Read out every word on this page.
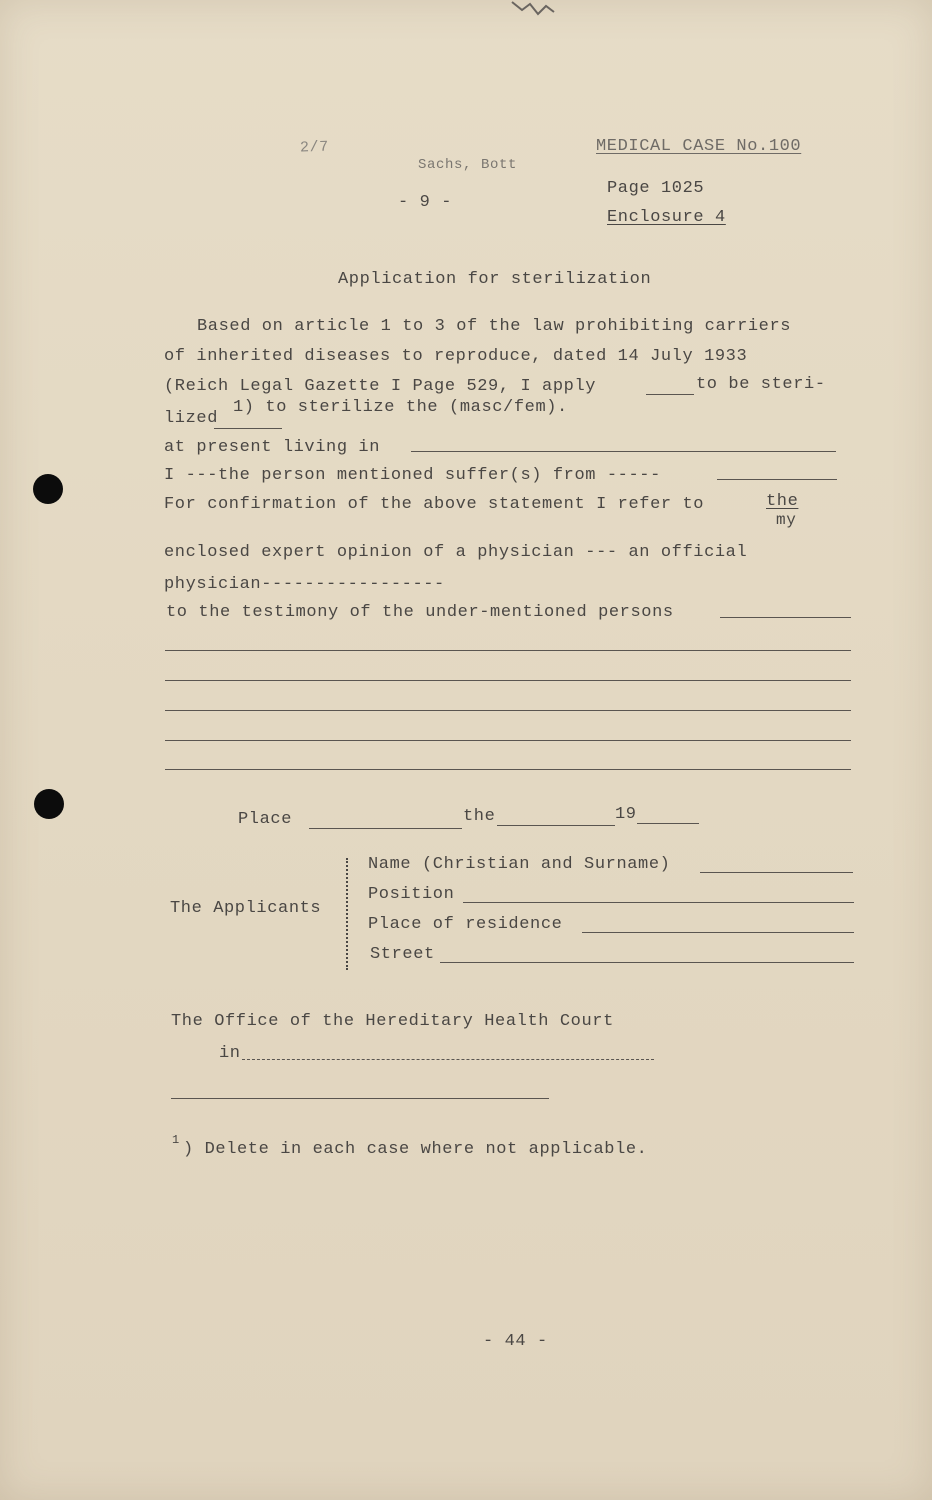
2/7
Sachs, Bott
MEDICAL CASE No.100
Page 1025
Enclosure 4
- 9 -
Application for sterilization
Based on article 1 to 3 of the law prohibiting carriers
of inherited diseases to reproduce, dated 14 July 1933
(Reich Legal Gazette I Page 529, I apply	to be steri-
lized
1) to sterilize the (masc/fem).
at present living in
I ---the person mentioned suffer(s) from -----
For confirmation of the above statement I refer to	the
my
enclosed expert opinion of a physician --- an official
physician-----------------
to the testimony of the under-mentioned persons
Place	the	19
The Applicants
Name (Christian and Surname)
Position
Place of residence
Street
The Office of the Hereditary Health Court
in
1 ) Delete in each case where not applicable.
- 44 -
